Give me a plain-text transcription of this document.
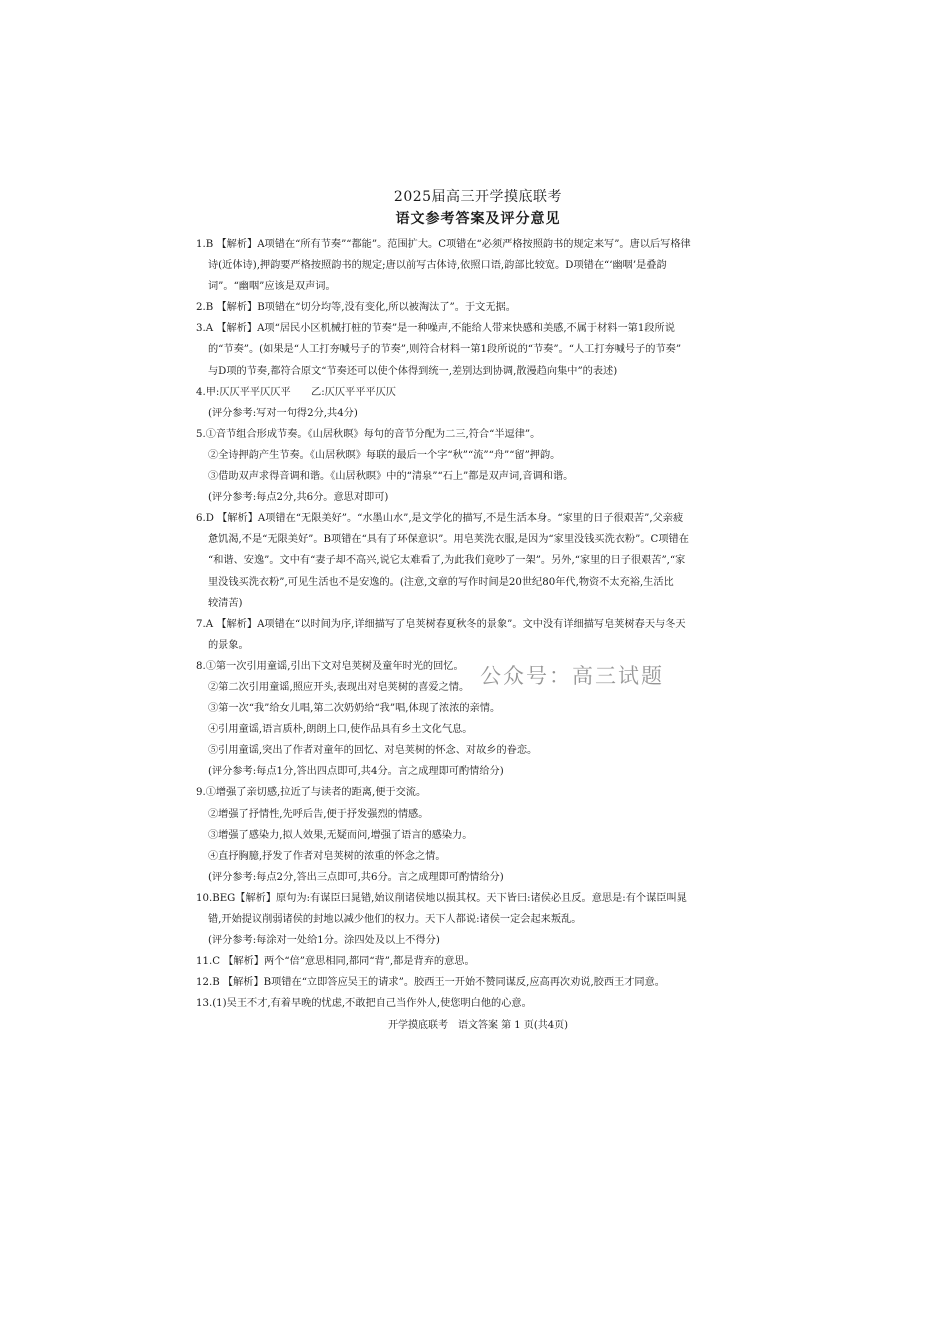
2025届高三开学摸底联考
语文参考答案及评分意见
1.B 【解析】A项错在“所有节奏”“都能”。范围扩大。C项错在“必须严格按照韵书的规定来写”。唐以后写格律
诗(近体诗),押韵要严格按照韵书的规定;唐以前写古体诗,依照口语,韵部比较宽。D项错在“‘幽咽’是叠韵
词”。“幽咽”应该是双声词。
2.B 【解析】B项错在“切分均等,没有变化,所以被淘汰了”。于文无据。
3.A 【解析】A项“居民小区机械打桩的节奏”是一种噪声,不能给人带来快感和美感,不属于材料一第1段所说
的“节奏”。(如果是“人工打夯喊号子的节奏”,则符合材料一第1段所说的“节奏”。“人工打夯喊号子的节奏”
与D项的节奏,都符合原文“节奏还可以使个体得到统一,差别达到协调,散漫趋向集中”的表述)
4.甲:仄仄平平仄仄平　　乙:仄仄平平平仄仄
(评分参考:写对一句得2分,共4分)
5.①音节组合形成节奏。《山居秋暝》每句的音节分配为二三,符合“半逗律”。
②全诗押韵产生节奏。《山居秋暝》每联的最后一个字“秋”“流”“舟”“留”押韵。
③借助双声求得音调和谐。《山居秋暝》中的“清泉”“石上”都是双声词,音调和谐。
(评分参考:每点2分,共6分。意思对即可)
6.D 【解析】A项错在“无限美好”。“水墨山水”,是文学化的描写,不是生活本身。“家里的日子很艰苦”,父亲疲
惫饥渴,不是“无限美好”。B项错在“具有了环保意识”。用皂荚洗衣服,是因为“家里没钱买洗衣粉”。C项错在
“和谐、安逸”。文中有“妻子却不高兴,说它太难看了,为此我们竟吵了一架”。另外,“家里的日子很艰苦”,“家
里没钱买洗衣粉”,可见生活也不是安逸的。(注意,文章的写作时间是20世纪80年代,物资不太充裕,生活比
较清苦)
7.A 【解析】A项错在“以时间为序,详细描写了皂荚树春夏秋冬的景象”。文中没有详细描写皂荚树春天与冬天
的景象。
8.①第一次引用童谣,引出下文对皂荚树及童年时光的回忆。
②第二次引用童谣,照应开头,表现出对皂荚树的喜爱之情。
③第一次“我”给女儿唱,第二次奶奶给“我”唱,体现了浓浓的亲情。
④引用童谣,语言质朴,朗朗上口,使作品具有乡土文化气息。
⑤引用童谣,突出了作者对童年的回忆、对皂荚树的怀念、对故乡的眷恋。
(评分参考:每点1分,答出四点即可,共4分。言之成理即可酌情给分)
9.①增强了亲切感,拉近了与读者的距离,便于交流。
②增强了抒情性,先呼后告,便于抒发强烈的情感。
③增强了感染力,拟人效果,无疑而问,增强了语言的感染力。
④直抒胸臆,抒发了作者对皂荚树的浓重的怀念之情。
(评分参考:每点2分,答出三点即可,共6分。言之成理即可酌情给分)
10.BEG【解析】原句为:有谋臣曰晁错,始议削诸侯地以损其权。天下皆曰:诸侯必且反。意思是:有个谋臣叫晁
错,开始提议削弱诸侯的封地以减少他们的权力。天下人都说:诸侯一定会起来叛乱。
(评分参考:每涂对一处给1分。涂四处及以上不得分)
11.C 【解析】两个“倍”意思相同,都同“背”,都是背弃的意思。
12.B 【解析】B项错在“立即答应吴王的请求”。胶西王一开始不赞同谋反,应高再次劝说,胶西王才同意。
13.(1)吴王不才,有着早晚的忧虑,不敢把自己当作外人,使您明白他的心意。
开学摸底联考　语文答案 第 1 页(共4页)
公众号：高三试题
